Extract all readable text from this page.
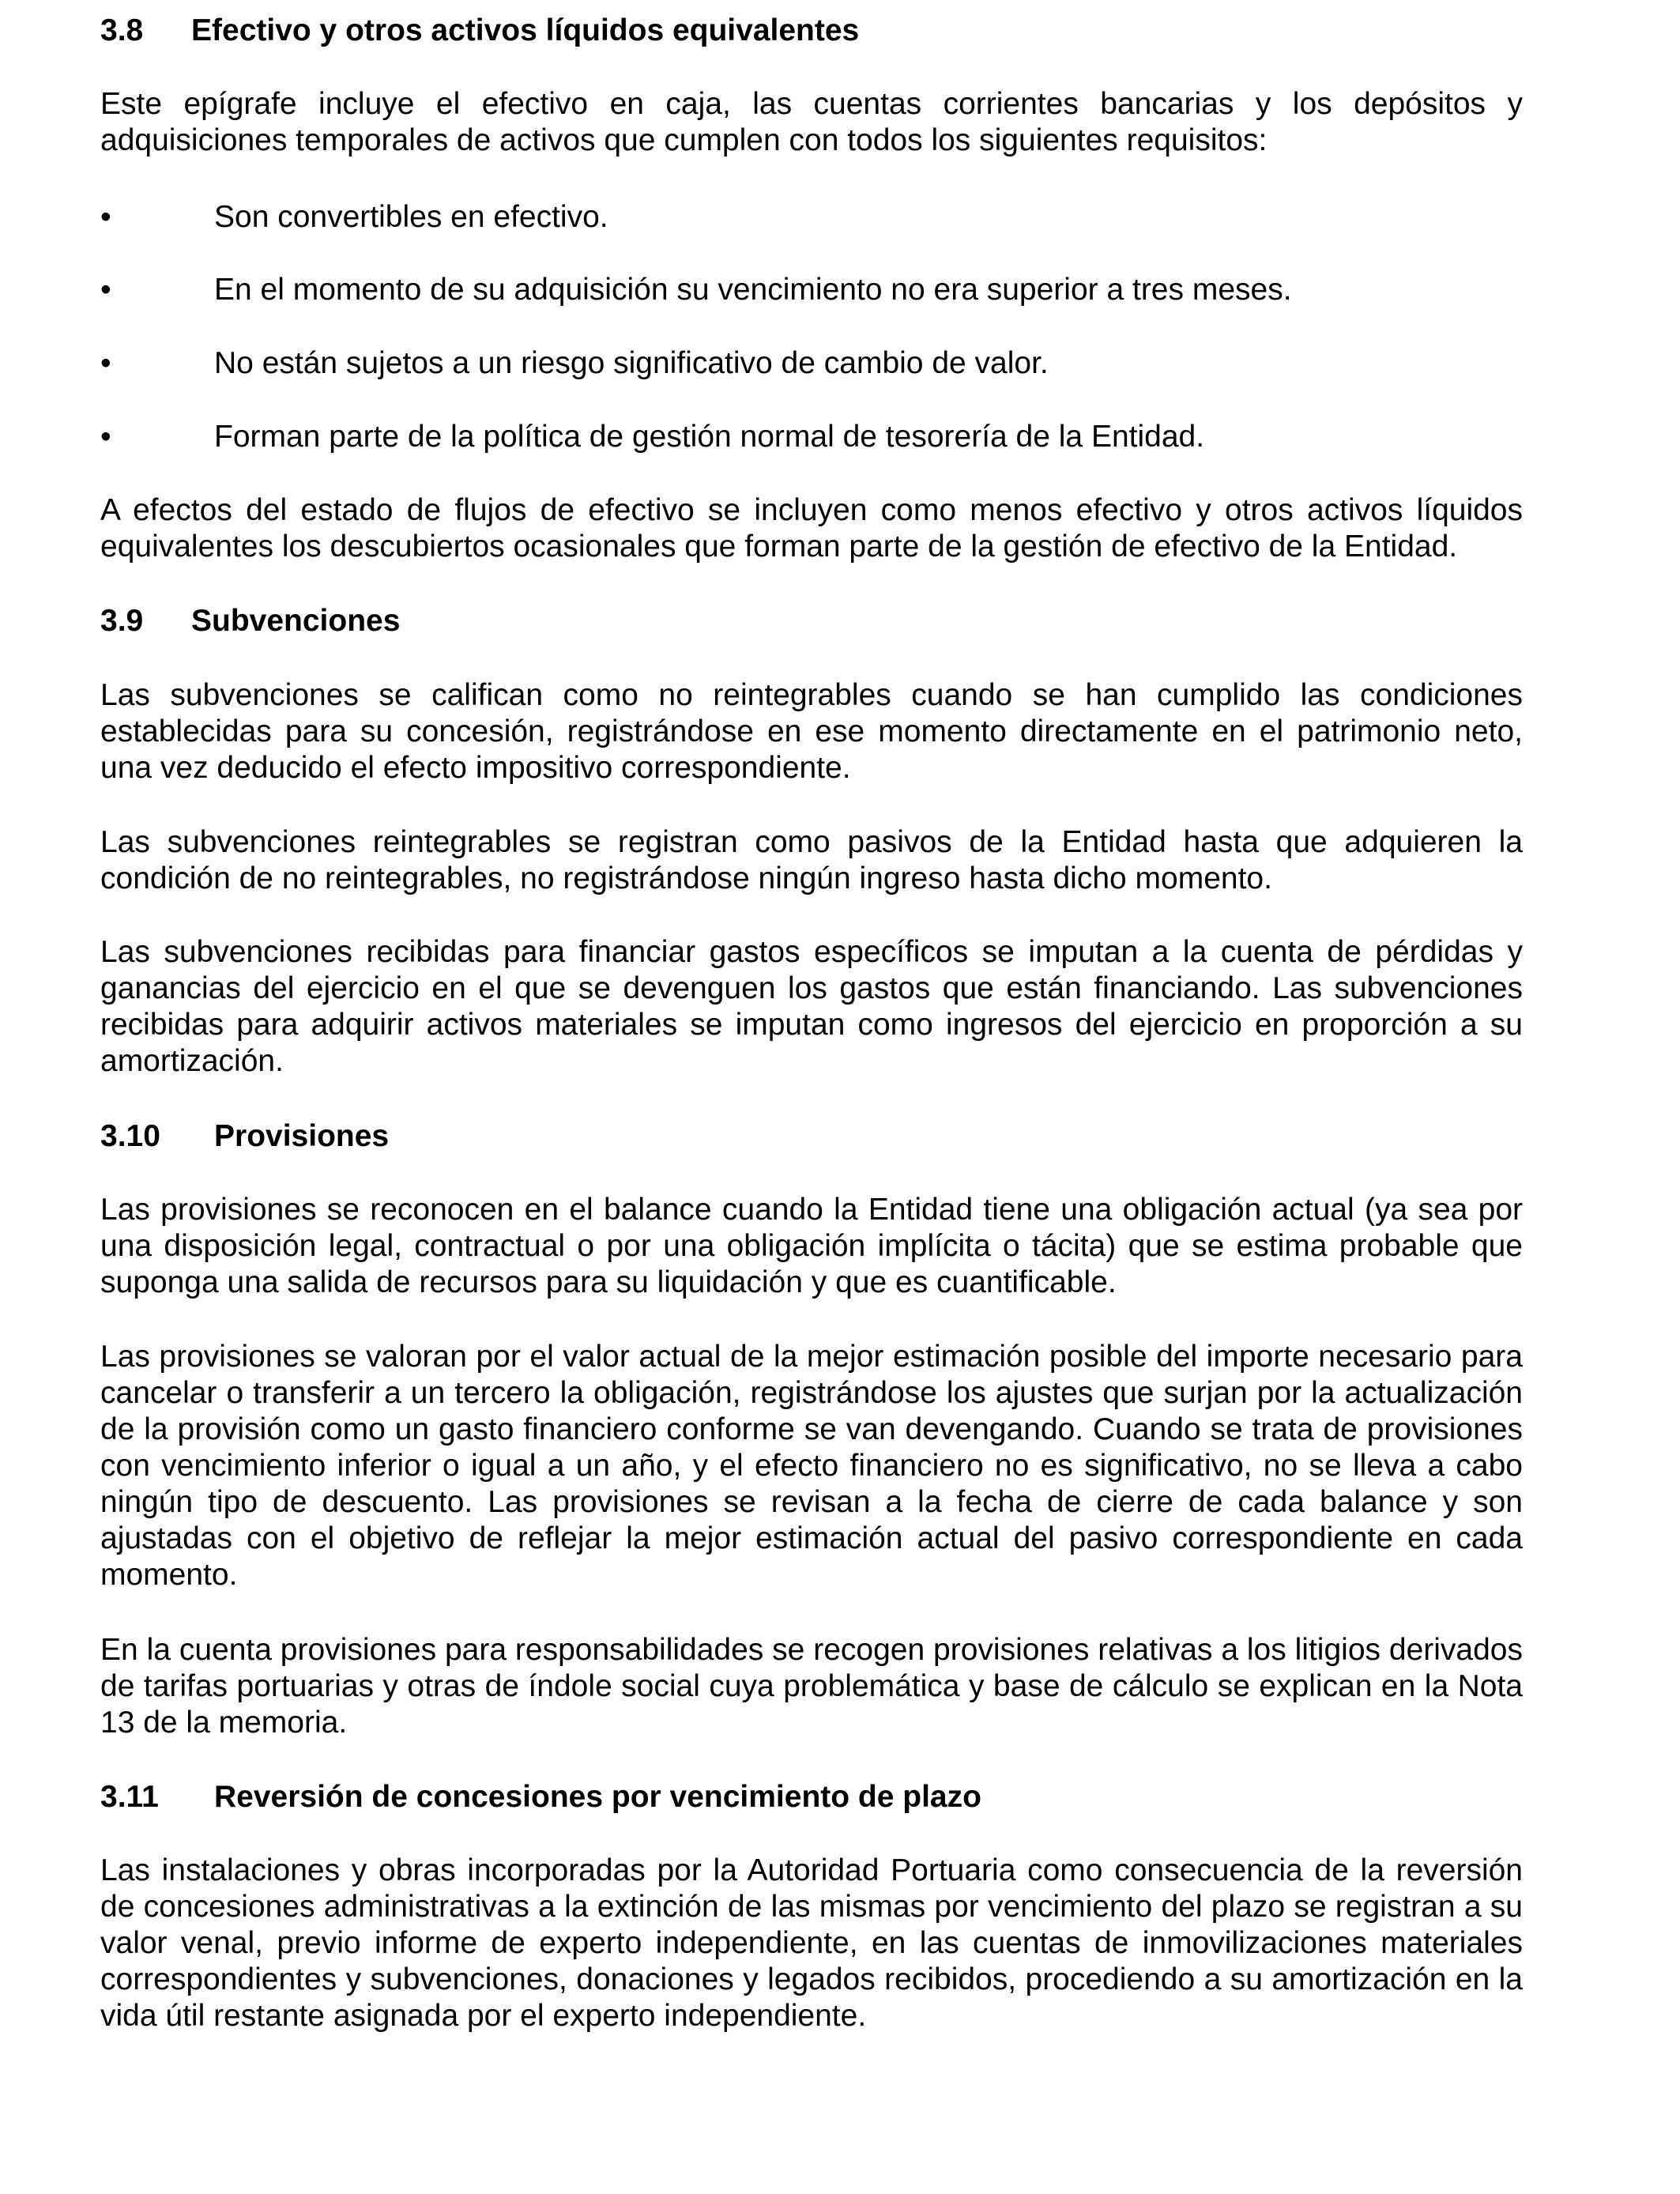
3.8 Efectivo y otros activos líquidos equivalentes

Este epígrafe incluye el efectivo en caja, las cuentas corrientes bancarias y los depósitos y adquisiciones temporales de activos que cumplen con todos los siguientes requisitos:

•	Son convertibles en efectivo.
•	En el momento de su adquisición su vencimiento no era superior a tres meses.
•	No están sujetos a un riesgo significativo de cambio de valor.
•	Forman parte de la política de gestión normal de tesorería de la Entidad.

A efectos del estado de flujos de efectivo se incluyen como menos efectivo y otros activos líquidos equivalentes los descubiertos ocasionales que forman parte de la gestión de efectivo de la Entidad.

3.9 Subvenciones

Las subvenciones se califican como no reintegrables cuando se han cumplido las condiciones establecidas para su concesión, registrándose en ese momento directamente en el patrimonio neto, una vez deducido el efecto impositivo correspondiente.

Las subvenciones reintegrables se registran como pasivos de la Entidad hasta que adquieren la condición de no reintegrables, no registrándose ningún ingreso hasta dicho momento.

Las subvenciones recibidas para financiar gastos específicos se imputan a la cuenta de pérdidas y ganancias del ejercicio en el que se devenguen los gastos que están financiando. Las subvenciones recibidas para adquirir activos materiales se imputan como ingresos del ejercicio en proporción a su amortización.

3.10 Provisiones

Las provisiones se reconocen en el balance cuando la Entidad tiene una obligación actual (ya sea por una disposición legal, contractual o por una obligación implícita o tácita) que se estima probable que suponga una salida de recursos para su liquidación y que es cuantificable.

Las provisiones se valoran por el valor actual de la mejor estimación posible del importe necesario para cancelar o transferir a un tercero la obligación, registrándose los ajustes que surjan por la actualización de la provisión como un gasto financiero conforme se van devengando. Cuando se trata de provisiones con vencimiento inferior o igual a un año, y el efecto financiero no es significativo, no se lleva a cabo ningún tipo de descuento. Las provisiones se revisan a la fecha de cierre de cada balance y son ajustadas con el objetivo de reflejar la mejor estimación actual del pasivo correspondiente en cada momento.

En la cuenta provisiones para responsabilidades se recogen provisiones relativas a los litigios derivados de tarifas portuarias y otras de índole social cuya problemática y base de cálculo se explican en la Nota 13 de la memoria.

3.11 Reversión de concesiones por vencimiento de plazo

Las instalaciones y obras incorporadas por la Autoridad Portuaria como consecuencia de la reversión de concesiones administrativas a la extinción de las mismas por vencimiento del plazo se registran a su valor venal, previo informe de experto independiente, en las cuentas de inmovilizaciones materiales correspondientes y subvenciones, donaciones y legados recibidos, procediendo a su amortización en la vida útil restante asignada por el experto independiente.
